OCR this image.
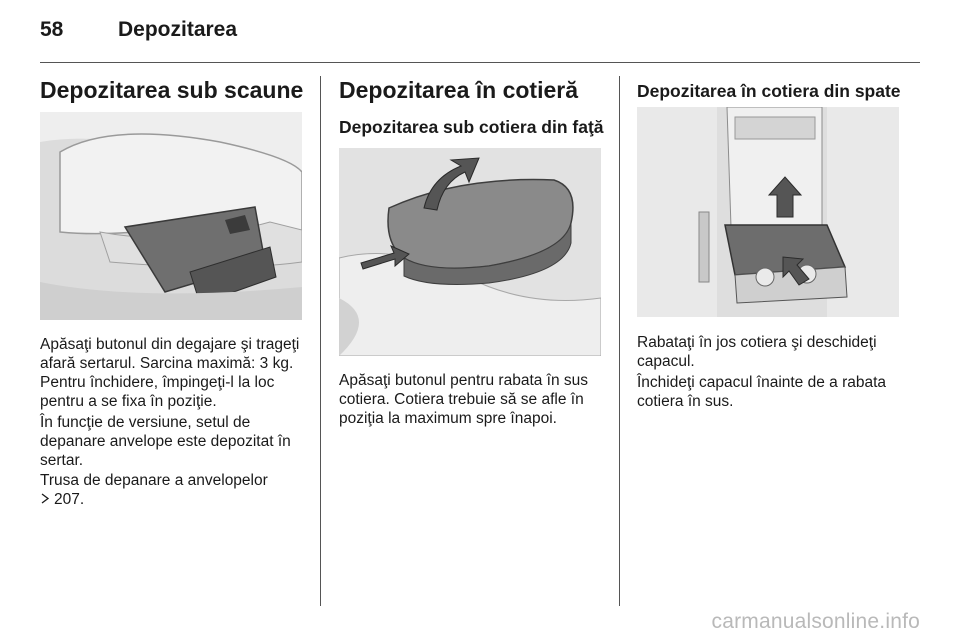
58	Depozitarea
Depozitarea sub scaune

Apăsaţi butonul din degajare şi trageţi afară sertarul. Sarcina maximă: 3 kg. Pentru închidere, împingeţi-l la loc pentru a se fixa în poziţie.

În funcţie de versiune, setul de depanare anvelope este depozitat în sertar.

Trusa de depanare a anvelopelor
207.

Depozitarea în cotieră
Depozitarea sub cotiera din faţă

Apăsaţi butonul pentru rabata în sus cotiera. Cotiera trebuie să se afle în poziţia la maximum spre înapoi.

Depozitarea în cotiera din spate

Rabataţi în jos cotiera şi deschideţi capacul.

Închideţi capacul înainte de a rabata cotiera în sus.

carmanualsonline.info
